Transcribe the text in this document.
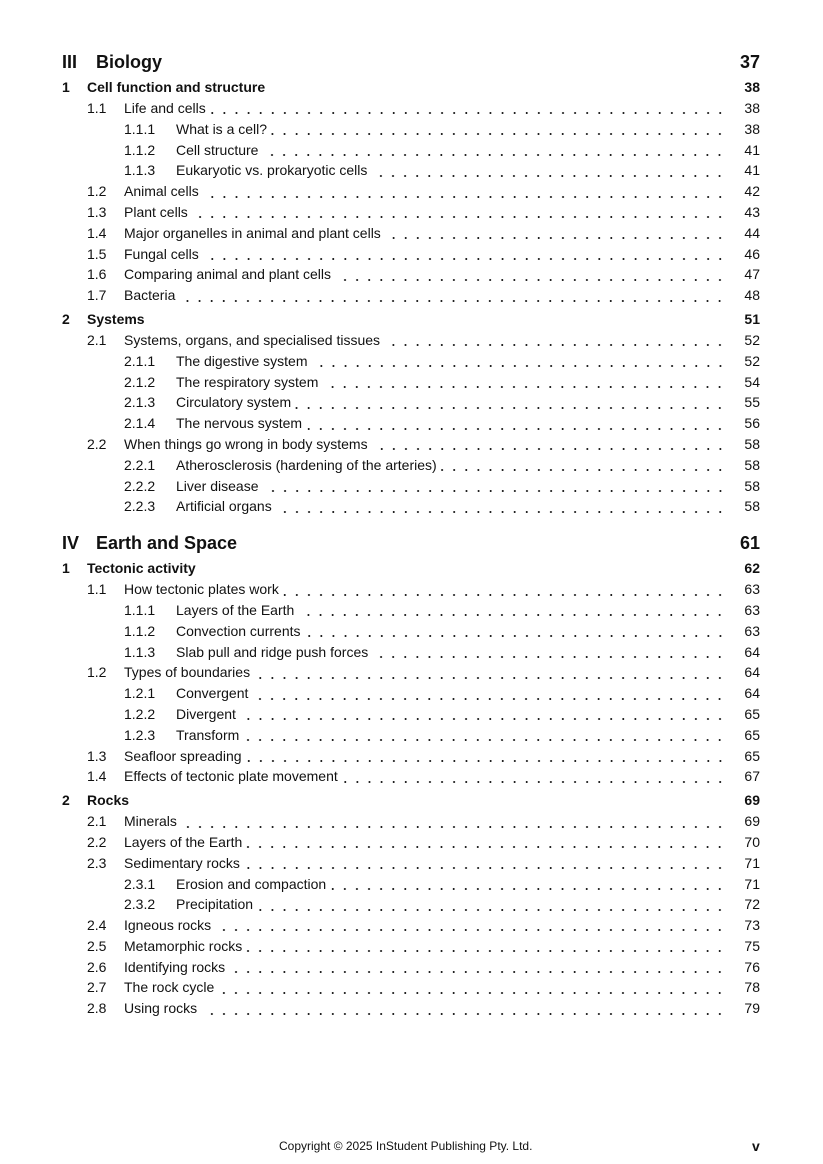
III	Biology	37
1	Cell function and structure	38
1.1	Life and cells	38
1.1.1	What is a cell?	38
1.1.2	Cell structure	41
1.1.3	Eukaryotic vs. prokaryotic cells	41
1.2	Animal cells	42
1.3	Plant cells	43
1.4	Major organelles in animal and plant cells	44
1.5	Fungal cells	46
1.6	Comparing animal and plant cells	47
1.7	Bacteria	48
2	Systems	51
2.1	Systems, organs, and specialised tissues	52
2.1.1	The digestive system	52
2.1.2	The respiratory system	54
2.1.3	Circulatory system	55
2.1.4	The nervous system	56
2.2	When things go wrong in body systems	58
2.2.1	Atherosclerosis (hardening of the arteries)	58
2.2.2	Liver disease	58
2.2.3	Artificial organs	58
IV Earth and Space	61
1	Tectonic activity	62
1.1	How tectonic plates work	63
1.1.1	Layers of the Earth	63
1.1.2	Convection currents	63
1.1.3	Slab pull and ridge push forces	64
1.2	Types of boundaries	64
1.2.1	Convergent	64
1.2.2	Divergent	65
1.2.3	Transform	65
1.3	Seafloor spreading	65
1.4	Effects of tectonic plate movement	67
2	Rocks	69
2.1	Minerals	69
2.2	Layers of the Earth	70
2.3	Sedimentary rocks	71
2.3.1	Erosion and compaction	71
2.3.2	Precipitation	72
2.4	Igneous rocks	73
2.5	Metamorphic rocks	75
2.6	Identifying rocks	76
2.7	The rock cycle	78
2.8	Using rocks	79
Copyright © 2025 InStudent Publishing Pty. Ltd.	v
